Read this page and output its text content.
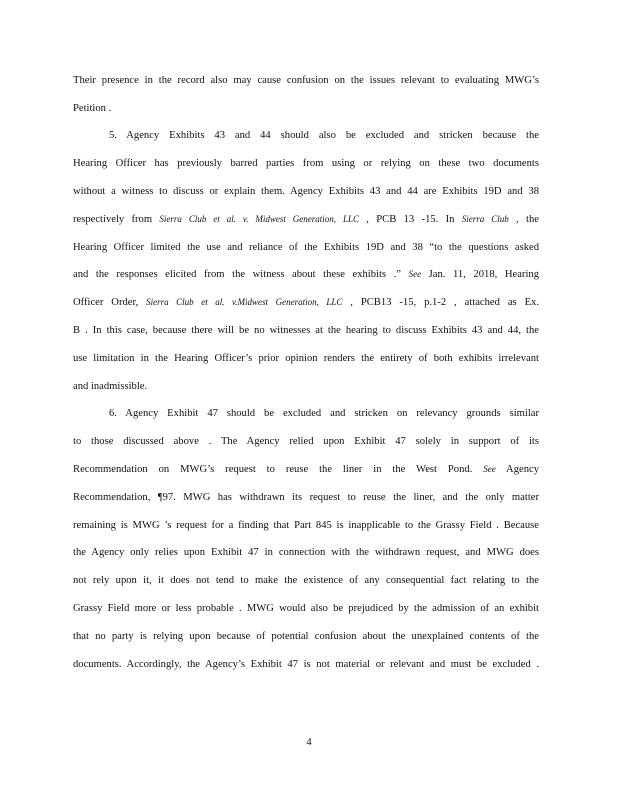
Their presence in the record also may cause confusion on the issues relevant to evaluating MWG’s
Petition .
5. Agency Exhibits 43 and 44 should also be excluded and stricken because the
Hearing Officer has previously barred parties from using or relying on these two documents
without a witness to discuss or explain them. Agency Exhibits 43 and 44 are Exhibits 19D and 38
respectively from Sierra Club et al. v. Midwest Generation, LLC , PCB 13 -15. In Sierra Club , the
Hearing Officer limited the use and reliance of the Exhibits 19D and 38 “to the questions asked
and the responses elicited from the witness about these exhibits .” See Jan. 11, 2018, Hearing
Officer Order, Sierra Club et al. v.Midwest Generation, LLC , PCB13 -15, p.1-2 , attached as Ex.
B . In this case, because there will be no witnesses at the hearing to discuss Exhibits 43 and 44, the
use limitation in the Hearing Officer’s prior opinion renders the entirety of both exhibits irrelevant
and inadmissible.
6. Agency Exhibit 47 should be excluded and stricken on relevancy grounds similar
to those discussed above . The Agency relied upon Exhibit 47 solely in support of its
Recommendation on MWG’s request to reuse the liner in the West Pond. See Agency
Recommendation, ¶97. MWG has withdrawn its request to reuse the liner, and the only matter
remaining is MWG ’s request for a finding that Part 845 is inapplicable to the Grassy Field . Because
the Agency only relies upon Exhibit 47 in connection with the withdrawn request, and MWG does
not rely upon it, it does not tend to make the existence of any consequential fact relating to the
Grassy Field more or less probable . MWG would also be prejudiced by the admission of an exhibit
that no party is relying upon because of potential confusion about the unexplained contents of the
documents. Accordingly, the Agency’s Exhibit 47 is not material or relevant and must be excluded .
4
